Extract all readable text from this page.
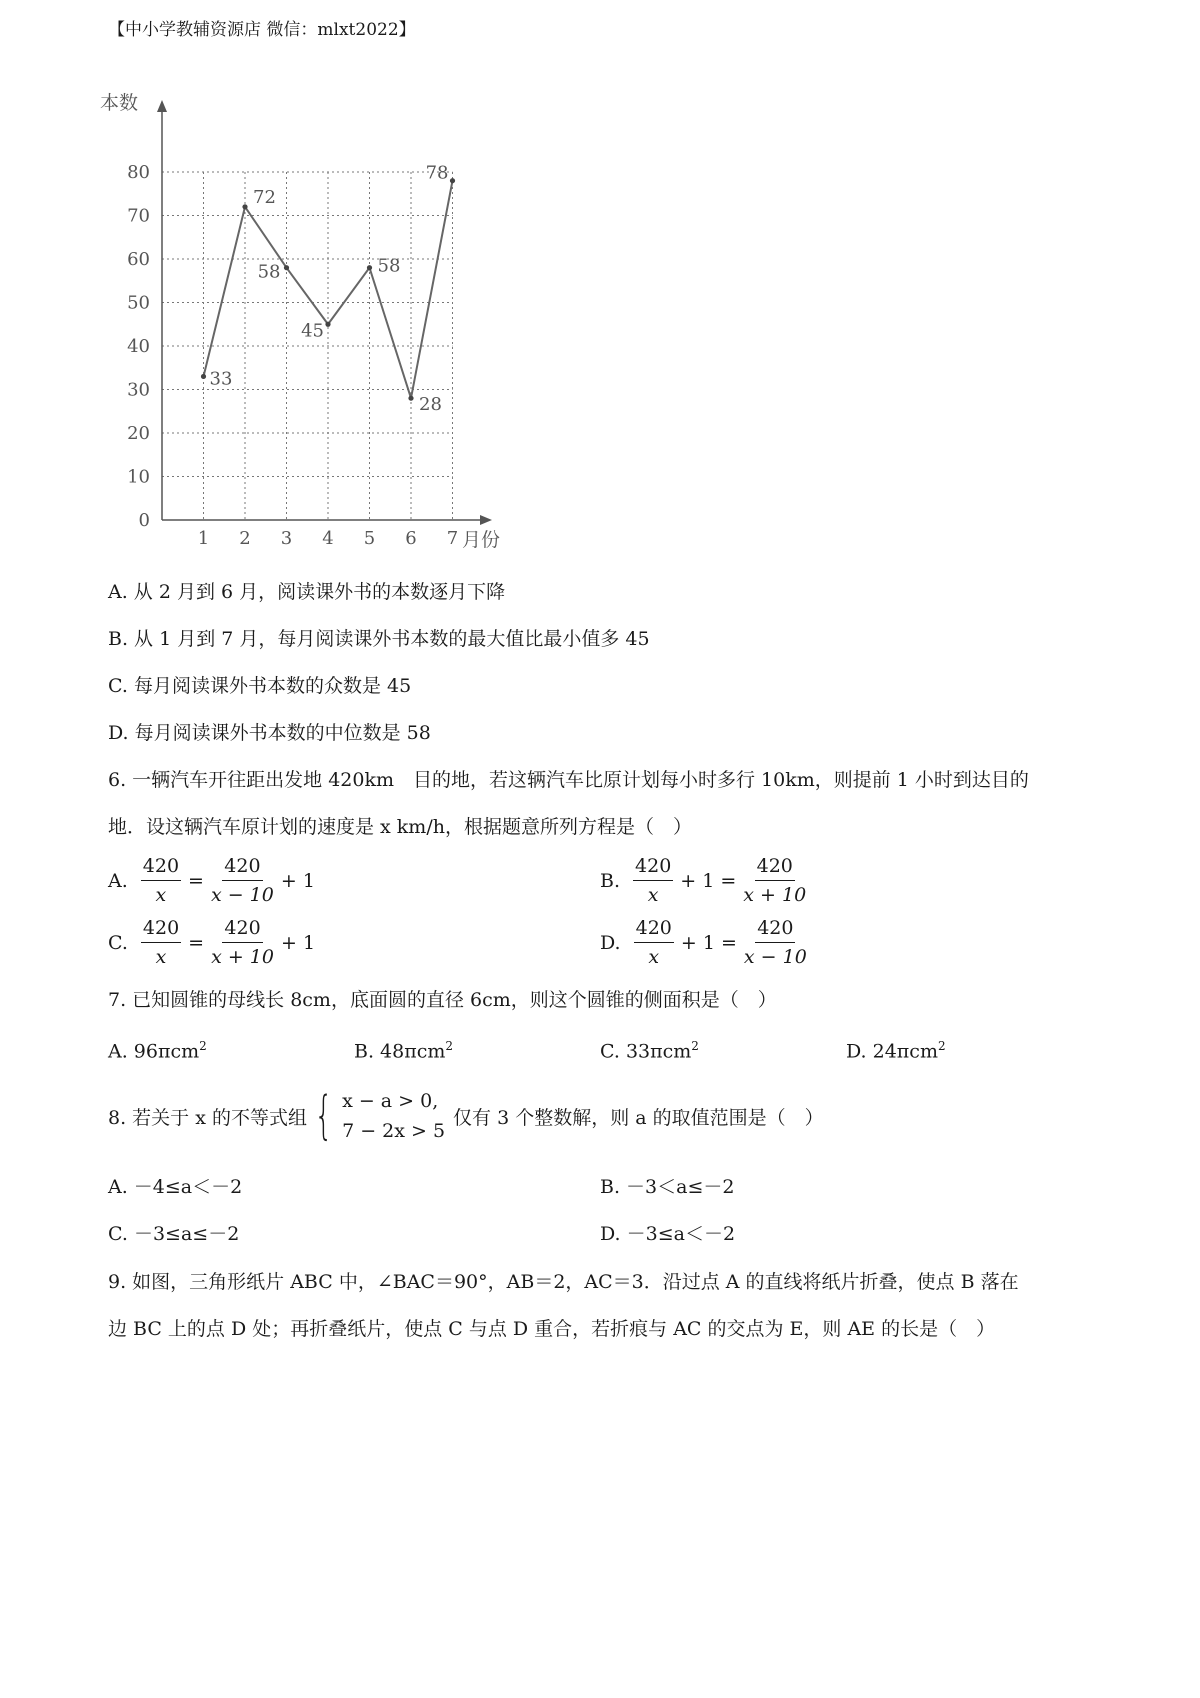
【中小学教辅资源店 微信：mlxt2022】
0
10
20
30
40
50
60
70
80
1 2 3 4 5 6 7
33
72
58
45
58
28
78
本数
月份
A. 从 2 月到 6 月，阅读课外书的本数逐月下降
B. 从 1 月到 7 月，每月阅读课外书本数的最大值比最小值多 45
C. 每月阅读课外书本数的众数是 45
D. 每月阅读课外书本数的中位数是 58
6. 一辆汽车开往距出发地 420km　目的地，若这辆汽车比原计划每小时多行 10km，则提前 1 小时到达目的
地．设这辆汽车原计划的速度是 x km/h，根据题意所列方程是（　）
A. $\frac{420}{x} = \frac{420}{x - 10} + 1$	B. $\frac{420}{x} + 1 = \frac{420}{x + 10}$
C. $\frac{420}{x} = \frac{420}{x + 10} + 1$	D. $\frac{420}{x} + 1 = \frac{420}{x - 10}$
7. 已知圆锥的母线长 8cm，底面圆的直径 6cm，则这个圆锥的侧面积是（　）
A. 96πcm$^2$	B. 48πcm$^2$	C. 33πcm$^2$	D. 24πcm$^2$
8. 若关于 x 的不等式组 { x − a > 0,
7 − 2x > 5
仅有 3 个整数解，则 a 的取值范围是（　）
A. －4≤a＜－2	B. －3＜a≤－2
C. －3≤a≤－2	D. －3≤a＜－2
9. 如图，三角形纸片 ABC 中，∠BAC＝90°，AB＝2，AC＝3．沿过点 A 的直线将纸片折叠，使点 B 落在
边 BC 上的点 D 处；再折叠纸片，使点 C 与点 D 重合，若折痕与 AC 的交点为 E，则 AE 的长是（　）
